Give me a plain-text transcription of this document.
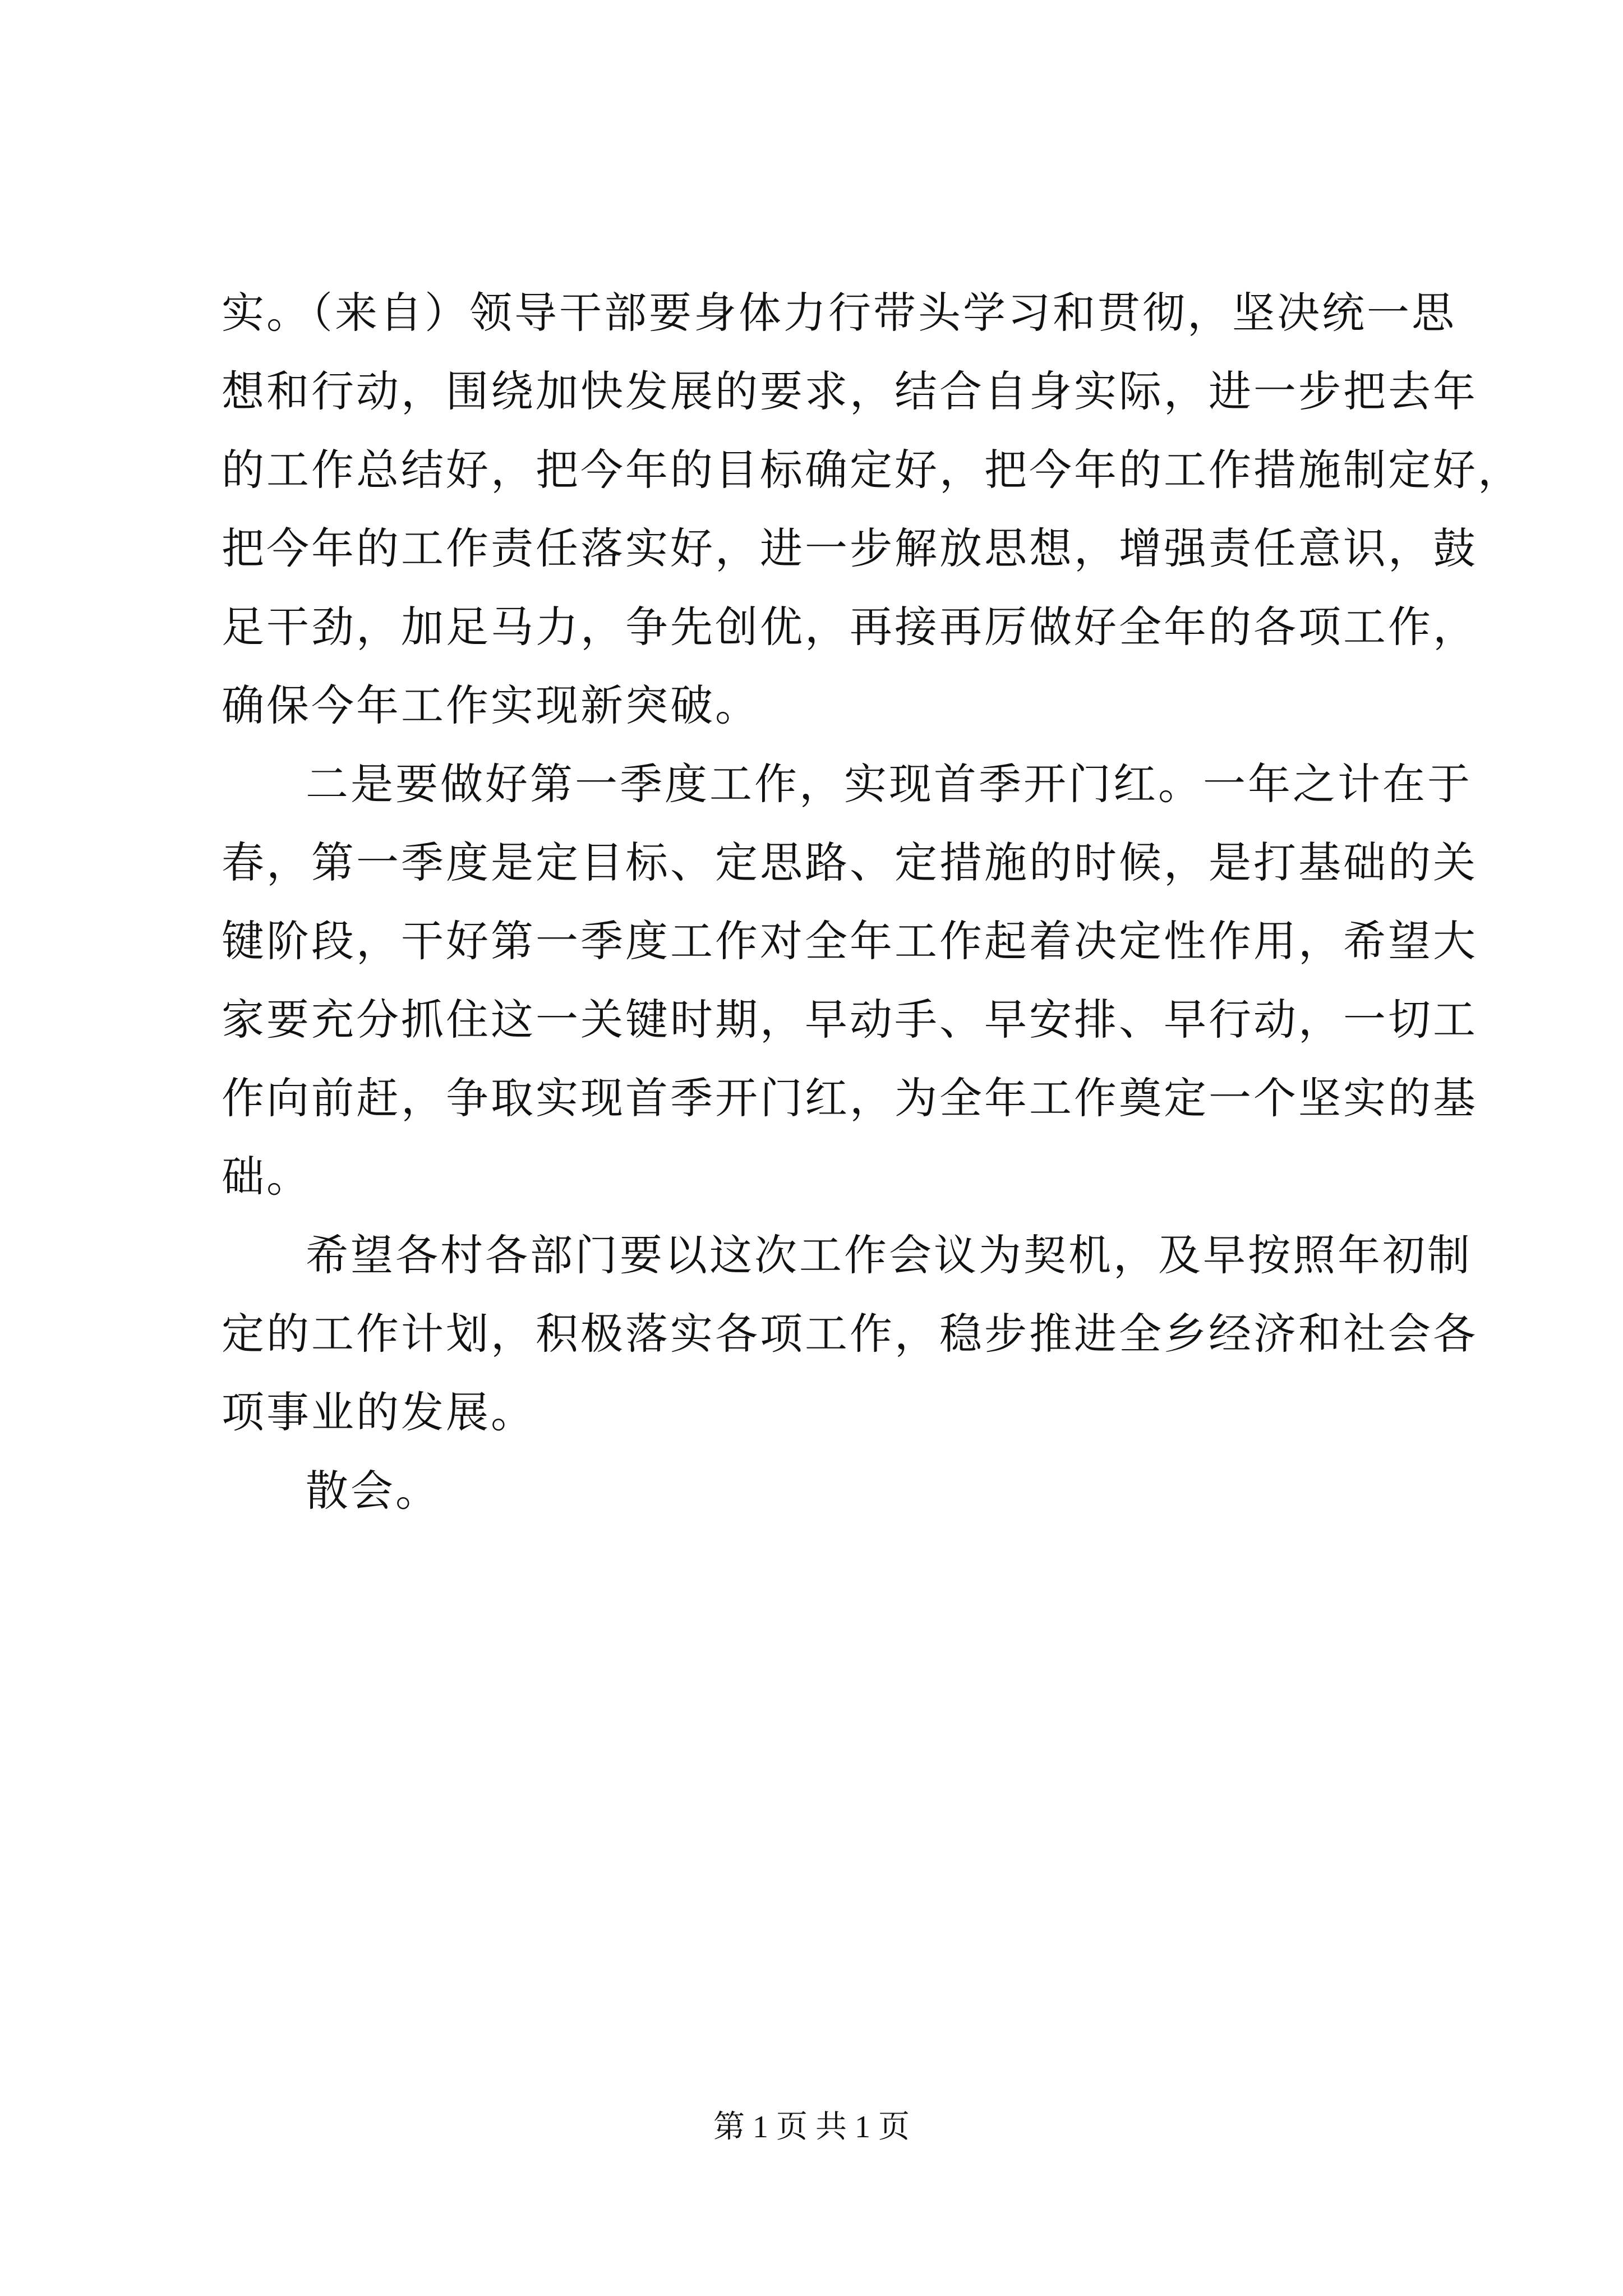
实。（来自）领导干部要身体力行带头学习和贯彻，坚决统一思
想和行动，围绕加快发展的要求，结合自身实际，进一步把去年
的工作总结好，把今年的目标确定好，把今年的工作措施制定好，
把今年的工作责任落实好，进一步解放思想，增强责任意识，鼓
足干劲，加足马力，争先创优，再接再厉做好全年的各项工作，
确保今年工作实现新突破。
二是要做好第一季度工作，实现首季开门红。一年之计在于
春，第一季度是定目标、定思路、定措施的时候，是打基础的关
键阶段，干好第一季度工作对全年工作起着决定性作用，希望大
家要充分抓住这一关键时期，早动手、早安排、早行动，一切工
作向前赶，争取实现首季开门红，为全年工作奠定一个坚实的基
础。
希望各村各部门要以这次工作会议为契机，及早按照年初制
定的工作计划，积极落实各项工作，稳步推进全乡经济和社会各
项事业的发展。
散会。
第 1 页 共 1 页
